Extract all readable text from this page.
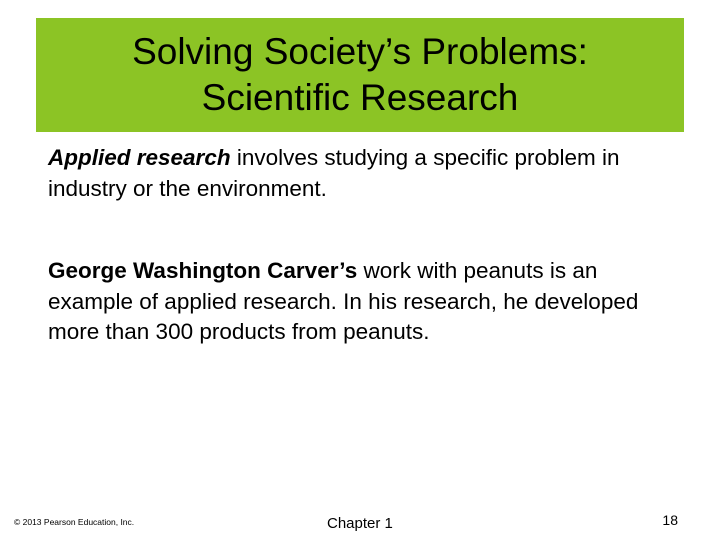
Solving Society’s Problems:
Scientific Research
Applied research involves studying a specific problem in industry or the environment.
George Washington Carver’s work with peanuts is an example of applied research. In his research, he developed more than 300 products from peanuts.
© 2013 Pearson Education, Inc.	Chapter 1	18
